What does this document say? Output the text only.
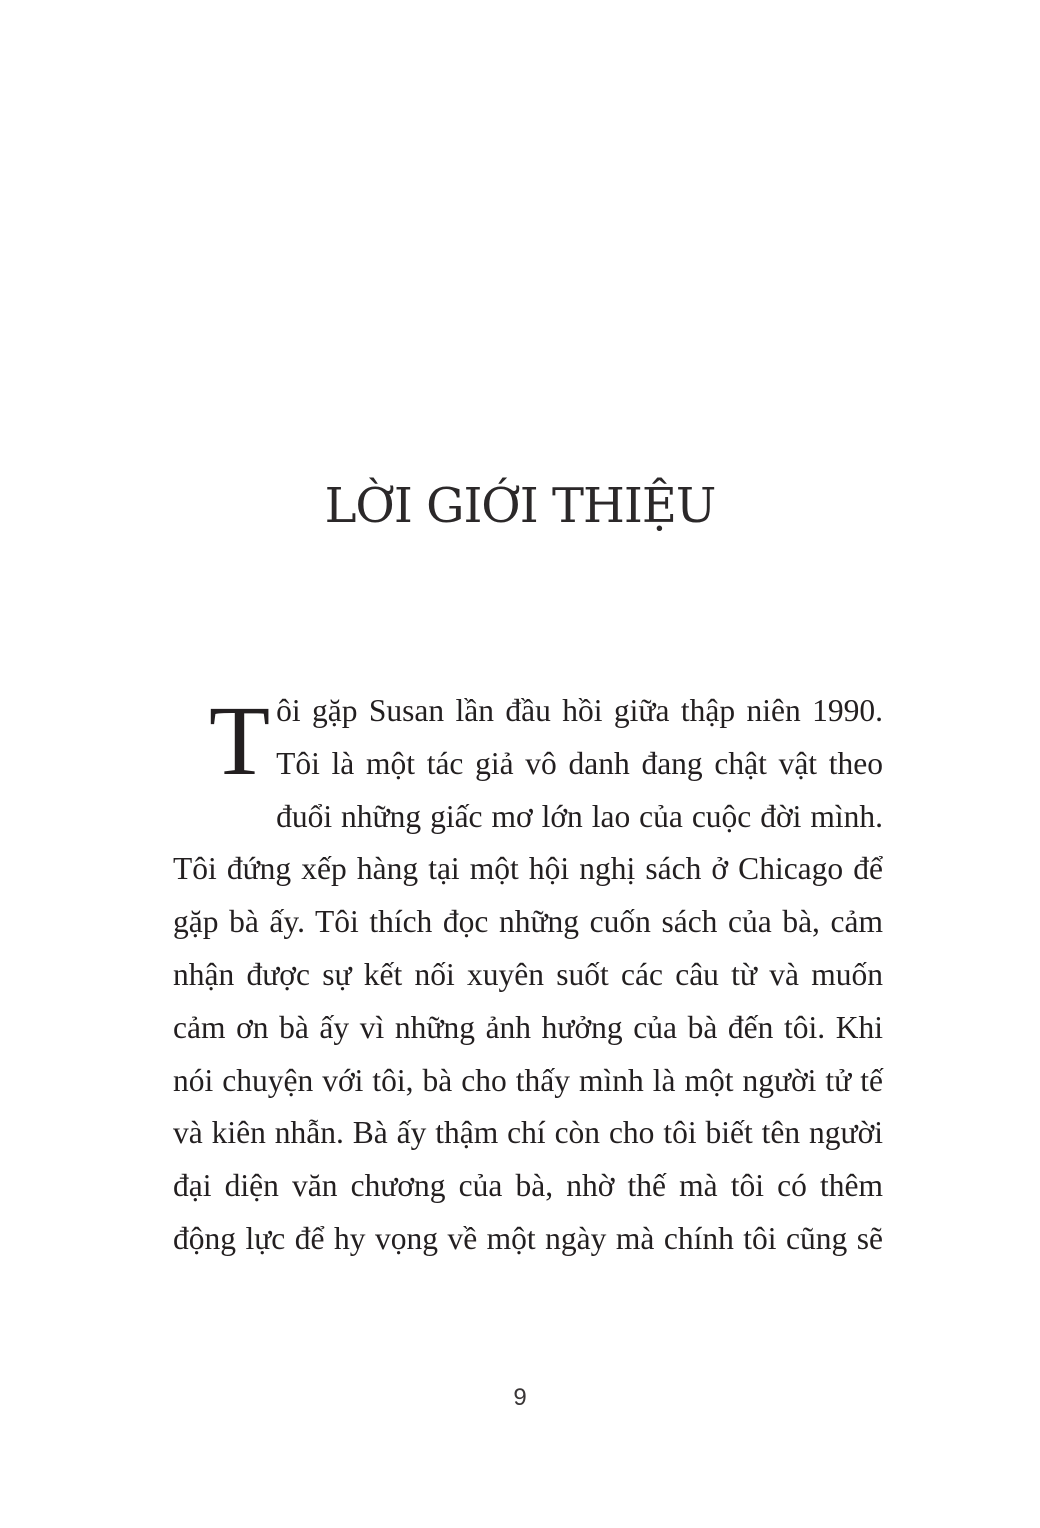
LỜI GIỚI THIỆU

Tôi gặp Susan lần đầu hồi giữa thập niên 1990. Tôi là một tác giả vô danh đang chật vật theo đuổi những giấc mơ lớn lao của cuộc đời mình. Tôi đứng xếp hàng tại một hội nghị sách ở Chicago để gặp bà ấy. Tôi thích đọc những cuốn sách của bà, cảm nhận được sự kết nối xuyên suốt các câu từ và muốn cảm ơn bà ấy vì những ảnh hưởng của bà đến tôi. Khi nói chuyện với tôi, bà cho thấy mình là một người tử tế và kiên nhẫn. Bà ấy thậm chí còn cho tôi biết tên người đại diện văn chương của bà, nhờ thế mà tôi có thêm động lực để hy vọng về một ngày mà chính tôi cũng sẽ

9
